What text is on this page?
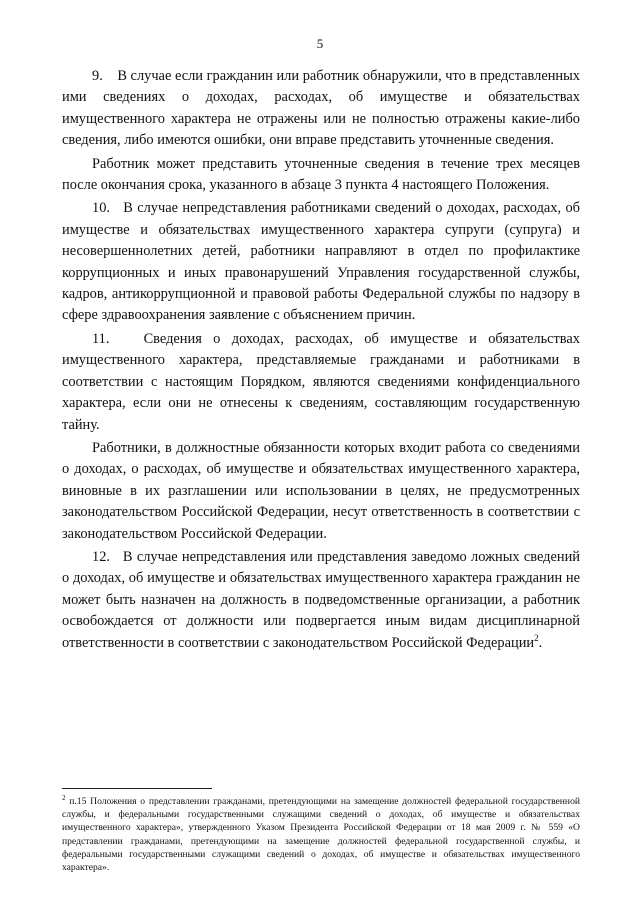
5

9.    В случае если гражданин или работник обнаружили, что в представленных ими сведениях о доходах, расходах, об имуществе и обязательствах имущественного характера не отражены или не полностью отражены какие-либо сведения, либо имеются ошибки, они вправе представить уточненные сведения.

Работник может представить уточненные сведения в течение трех месяцев после окончания срока, указанного в абзаце 3 пункта 4 настоящего Положения.

10.   В случае непредставления работниками сведений о доходах, расходах, об имуществе и обязательствах имущественного характера супруги (супруга) и несовершеннолетних детей, работники направляют в отдел по профилактике коррупционных и иных правонарушений Управления государственной службы, кадров, антикоррупционной и правовой работы Федеральной службы по надзору в сфере здравоохранения заявление с объяснением причин.

11.   Сведения о доходах, расходах, об имуществе и обязательствах имущественного характера, представляемые гражданами и работниками в соответствии с настоящим Порядком, являются сведениями конфиденциального характера, если они не отнесены к сведениям, составляющим государственную тайну.

Работники, в должностные обязанности которых входит работа со сведениями о доходах, о расходах, об имуществе и обязательствах имущественного характера, виновные в их разглашении или использовании в целях, не предусмотренных законодательством Российской Федерации, несут ответственность в соответствии с законодательством Российской Федерации.

12.   В случае непредставления или представления заведомо ложных сведений о доходах, об имуществе и обязательствах имущественного характера гражданин не может быть назначен на должность в подведомственные организации, а работник освобождается от должности или подвергается иным видам дисциплинарной ответственности в соответствии с законодательством Российской Федерации$^2$.

$^2$ п.15 Положения о представлении гражданами, претендующими на замещение должностей федеральной государственной службы, и федеральными государственными служащими сведений о доходах, об имуществе и обязательствах имущественного характера», утвержденного Указом Президента Российской Федерации от 18 мая 2009 г. № 559 «О представлении гражданами, претендующими на замещение должностей федеральной государственной службы, и федеральными государственными служащими сведений о доходах, об имуществе и обязательствах имущественного характера».
